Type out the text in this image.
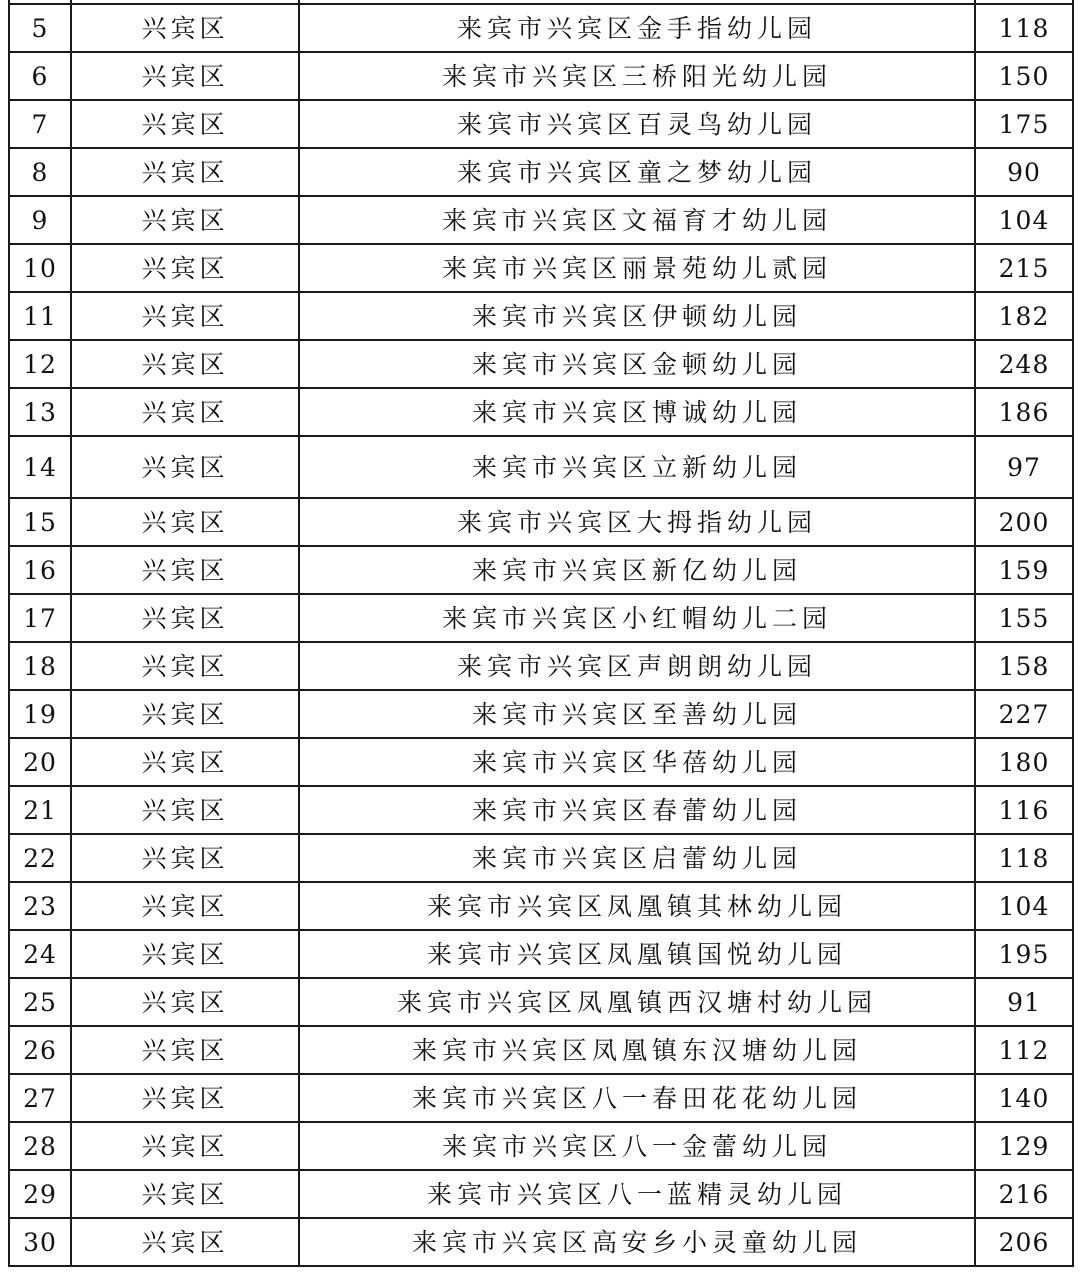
5	兴宾区	来宾市兴宾区金手指幼儿园	118
6	兴宾区	来宾市兴宾区三桥阳光幼儿园	150
7	兴宾区	来宾市兴宾区百灵鸟幼儿园	175
8	兴宾区	来宾市兴宾区童之梦幼儿园	90
9	兴宾区	来宾市兴宾区文福育才幼儿园	104
10	兴宾区	来宾市兴宾区丽景苑幼儿贰园	215
11	兴宾区	来宾市兴宾区伊顿幼儿园	182
12	兴宾区	来宾市兴宾区金顿幼儿园	248
13	兴宾区	来宾市兴宾区博诚幼儿园	186
14	兴宾区	来宾市兴宾区立新幼儿园	97
15	兴宾区	来宾市兴宾区大拇指幼儿园	200
16	兴宾区	来宾市兴宾区新亿幼儿园	159
17	兴宾区	来宾市兴宾区小红帽幼儿二园	155
18	兴宾区	来宾市兴宾区声朗朗幼儿园	158
19	兴宾区	来宾市兴宾区至善幼儿园	227
20	兴宾区	来宾市兴宾区华蓓幼儿园	180
21	兴宾区	来宾市兴宾区春蕾幼儿园	116
22	兴宾区	来宾市兴宾区启蕾幼儿园	118
23	兴宾区	来宾市兴宾区凤凰镇其林幼儿园	104
24	兴宾区	来宾市兴宾区凤凰镇国悦幼儿园	195
25	兴宾区	来宾市兴宾区凤凰镇西汉塘村幼儿园	91
26	兴宾区	来宾市兴宾区凤凰镇东汉塘幼儿园	112
27	兴宾区	来宾市兴宾区八一春田花花幼儿园	140
28	兴宾区	来宾市兴宾区八一金蕾幼儿园	129
29	兴宾区	来宾市兴宾区八一蓝精灵幼儿园	216
30	兴宾区	来宾市兴宾区高安乡小灵童幼儿园	206
